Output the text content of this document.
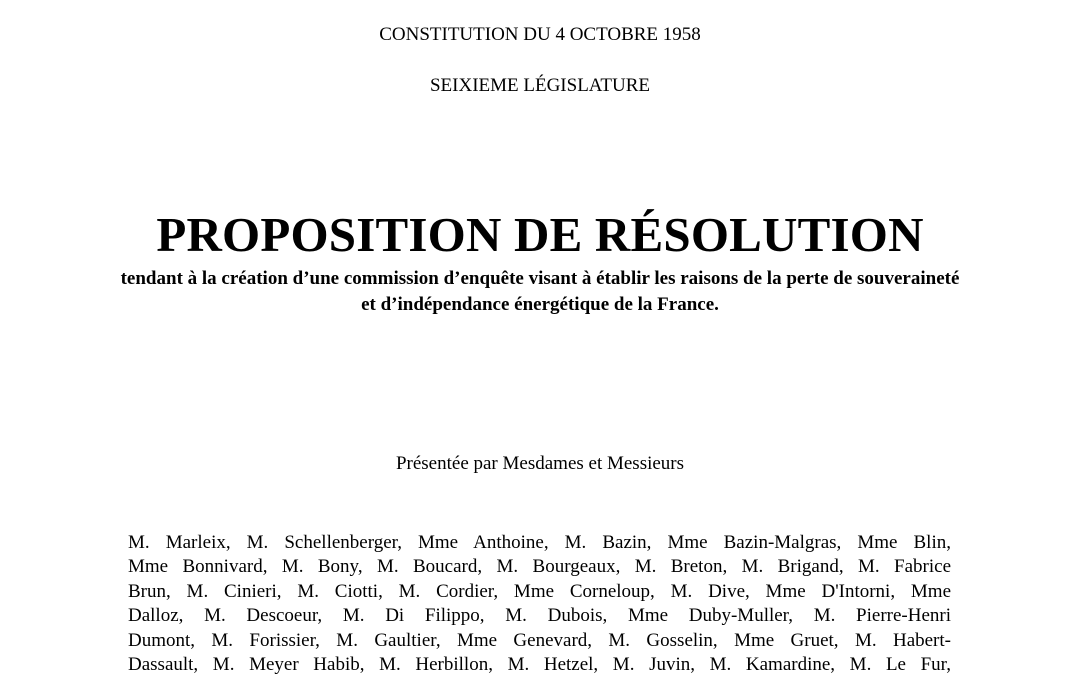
CONSTITUTION DU 4 OCTOBRE 1958
SEIXIEME LÉGISLATURE
PROPOSITION DE RÉSOLUTION
tendant à la création d’une commission d’enquête visant à établir les raisons de la perte de souveraineté et d’indépendance énergétique de la France.
Présentée par Mesdames et Messieurs
M. Marleix, M. Schellenberger, Mme Anthoine, M. Bazin, Mme Bazin-Malgras, Mme Blin,
Mme Bonnivard, M. Bony, M. Boucard, M. Bourgeaux, M. Breton, M. Brigand, M. Fabrice
Brun, M. Cinieri, M. Ciotti, M. Cordier, Mme Corneloup, M. Dive, Mme D'Intorni, Mme
Dalloz, M. Descoeur, M. Di Filippo, M. Dubois, Mme Duby-Muller, M. Pierre-Henri
Dumont, M. Forissier, M. Gaultier, Mme Genevard, M. Gosselin, Mme Gruet, M. Habert-
Dassault, M. Meyer Habib, M. Herbillon, M. Hetzel, M. Juvin, M. Kamardine, M. Le Fur,
